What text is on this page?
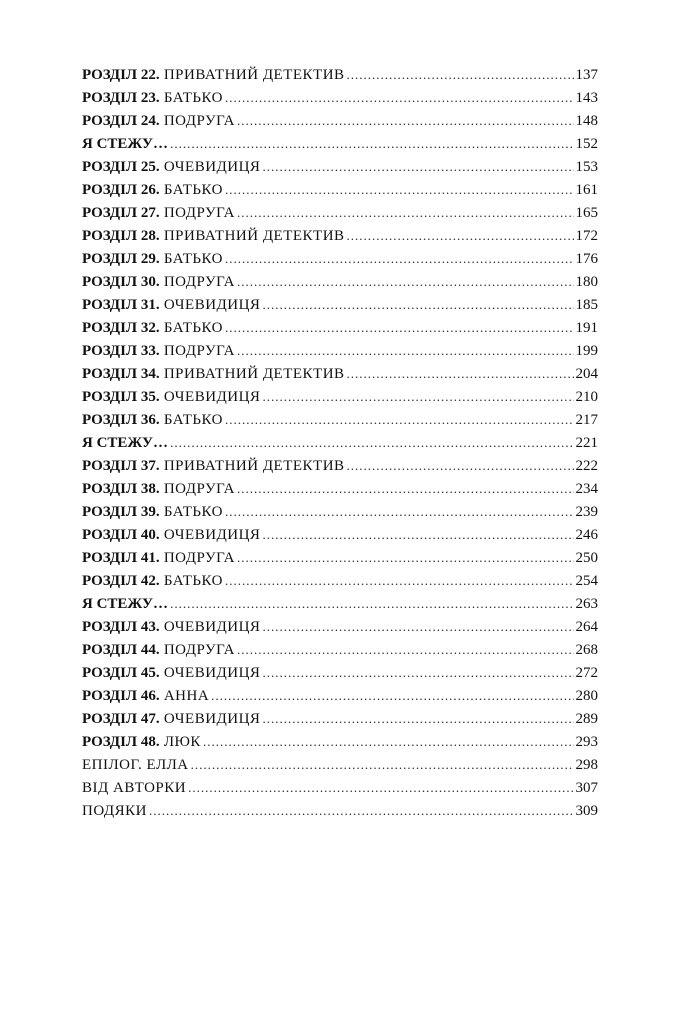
РОЗДІЛ 22. ПРИВАТНИЙ ДЕТЕКТИВ .....	137
РОЗДІЛ 23. БАТЬКО .....	143
РОЗДІЛ 24. ПОДРУГА .....	148
Я СТЕЖУ… .....	152
РОЗДІЛ 25. ОЧЕВИДИЦЯ .....	153
РОЗДІЛ 26. БАТЬКО .....	161
РОЗДІЛ 27. ПОДРУГА .....	165
РОЗДІЛ 28. ПРИВАТНИЙ ДЕТЕКТИВ .....	172
РОЗДІЛ 29. БАТЬКО .....	176
РОЗДІЛ 30. ПОДРУГА .....	180
РОЗДІЛ 31. ОЧЕВИДИЦЯ .....	185
РОЗДІЛ 32. БАТЬКО .....	191
РОЗДІЛ 33. ПОДРУГА .....	199
РОЗДІЛ 34. ПРИВАТНИЙ ДЕТЕКТИВ .....	204
РОЗДІЛ 35. ОЧЕВИДИЦЯ .....	210
РОЗДІЛ 36. БАТЬКО .....	217
Я СТЕЖУ… .....	221
РОЗДІЛ 37. ПРИВАТНИЙ ДЕТЕКТИВ .....	222
РОЗДІЛ 38. ПОДРУГА .....	234
РОЗДІЛ 39. БАТЬКО .....	239
РОЗДІЛ 40. ОЧЕВИДИЦЯ .....	246
РОЗДІЛ 41. ПОДРУГА .....	250
РОЗДІЛ 42. БАТЬКО .....	254
Я СТЕЖУ… .....	263
РОЗДІЛ 43. ОЧЕВИДИЦЯ .....	264
РОЗДІЛ 44. ПОДРУГА .....	268
РОЗДІЛ 45. ОЧЕВИДИЦЯ .....	272
РОЗДІЛ 46. АННА .....	280
РОЗДІЛ 47. ОЧЕВИДИЦЯ .....	289
РОЗДІЛ 48. ЛЮК .....	293
ЕПІЛОГ. ЕЛЛА .....	298
ВІД АВТОРКИ .....	307
ПОДЯКИ .....	309
